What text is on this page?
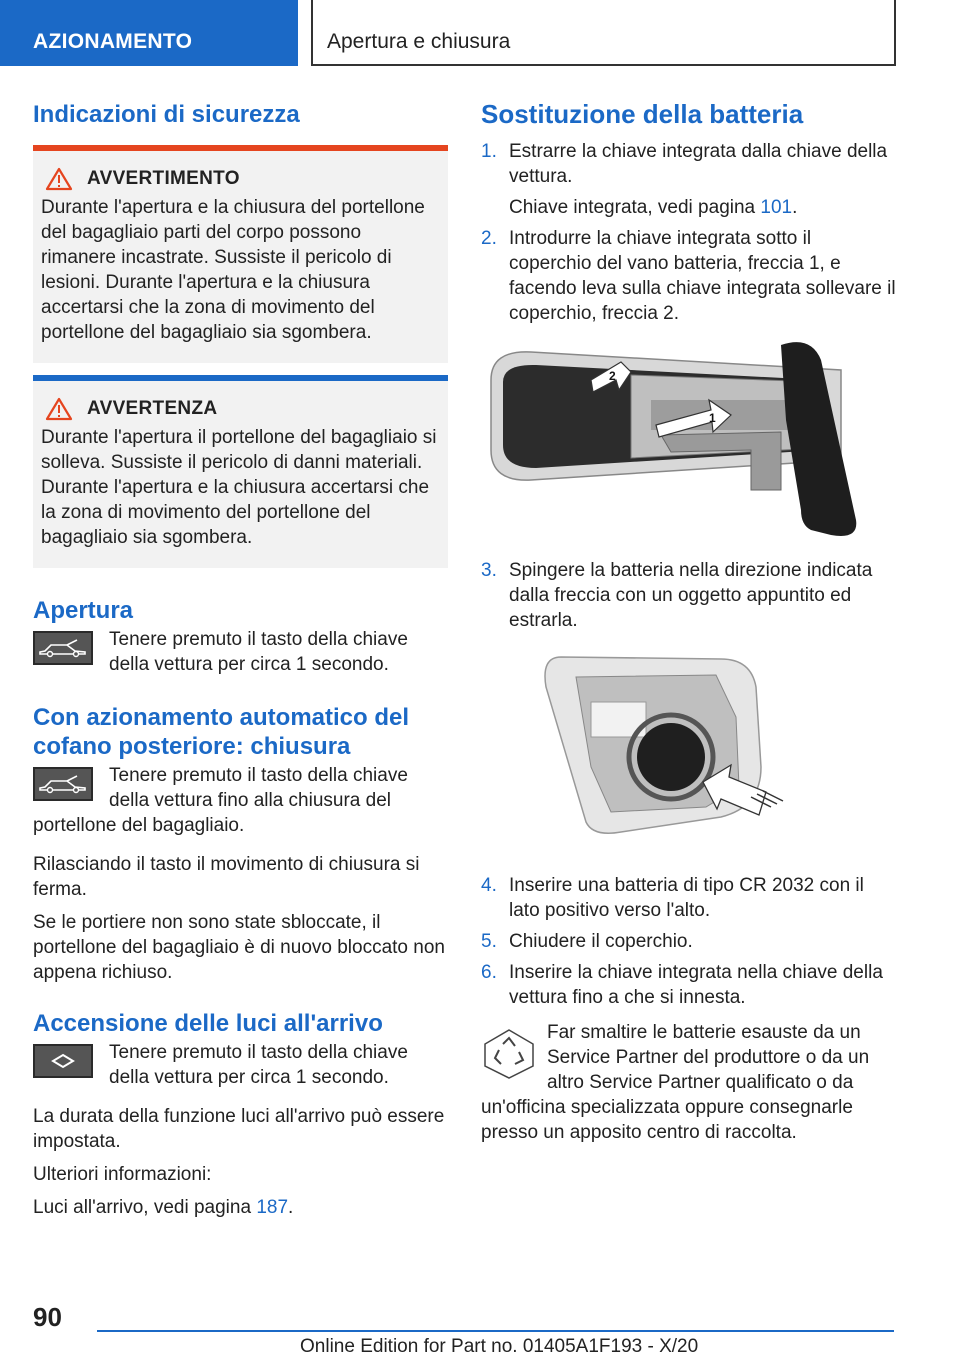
AZIONAMENTO	Apertura e chiusura
Indicazioni di sicurezza
AVVERTIMENTO
Durante l'apertura e la chiusura del portellone del bagagliaio parti del corpo possono rimanere incastrate. Sussiste il pericolo di lesioni. Durante l'apertura e la chiusura accertarsi che la zona di movimento del portellone del bagagliaio sia sgombera.
AVVERTENZA
Durante l'apertura il portellone del bagagliaio si solleva. Sussiste il pericolo di danni materiali. Durante l'apertura e la chiusura accertarsi che la zona di movimento del portellone del bagagliaio sia sgombera.
Apertura
Tenere premuto il tasto della chiave della vettura per circa 1 secondo.
Con azionamento automatico del cofano posteriore: chiusura
Tenere premuto il tasto della chiave della vettura fino alla chiusura del portellone del bagagliaio.
Rilasciando il tasto il movimento di chiusura si ferma.
Se le portiere non sono state sbloccate, il portellone del bagagliaio è di nuovo bloccato non appena richiuso.
Accensione delle luci all'arrivo
Tenere premuto il tasto della chiave della vettura per circa 1 secondo.
La durata della funzione luci all'arrivo può essere impostata.
Ulteriori informazioni:
Luci all'arrivo, vedi pagina 187.
Sostituzione della batteria
1. Estrarre la chiave integrata dalla chiave della vettura.

Chiave integrata, vedi pagina 101.

2. Introdurre la chiave integrata sotto il coperchio del vano batteria, freccia 1, e facendo leva sulla chiave integrata sollevare il coperchio, freccia 2.

1
2
3. Spingere la batteria nella direzione indicata dalla freccia con un oggetto appuntito ed estrarla.

4. Inserire una batteria di tipo CR 2032 con il lato positivo verso l'alto.

5. Chiudere il coperchio.

6. Inserire la chiave integrata nella chiave della vettura fino a che si innesta.

Far smaltire le batterie esauste da un Service Partner del produttore o da un altro Service Partner qualificato o da un'officina specializzata oppure consegnarle presso un apposito centro di raccolta.
90
Online Edition for Part no. 01405A1F193 - X/20
